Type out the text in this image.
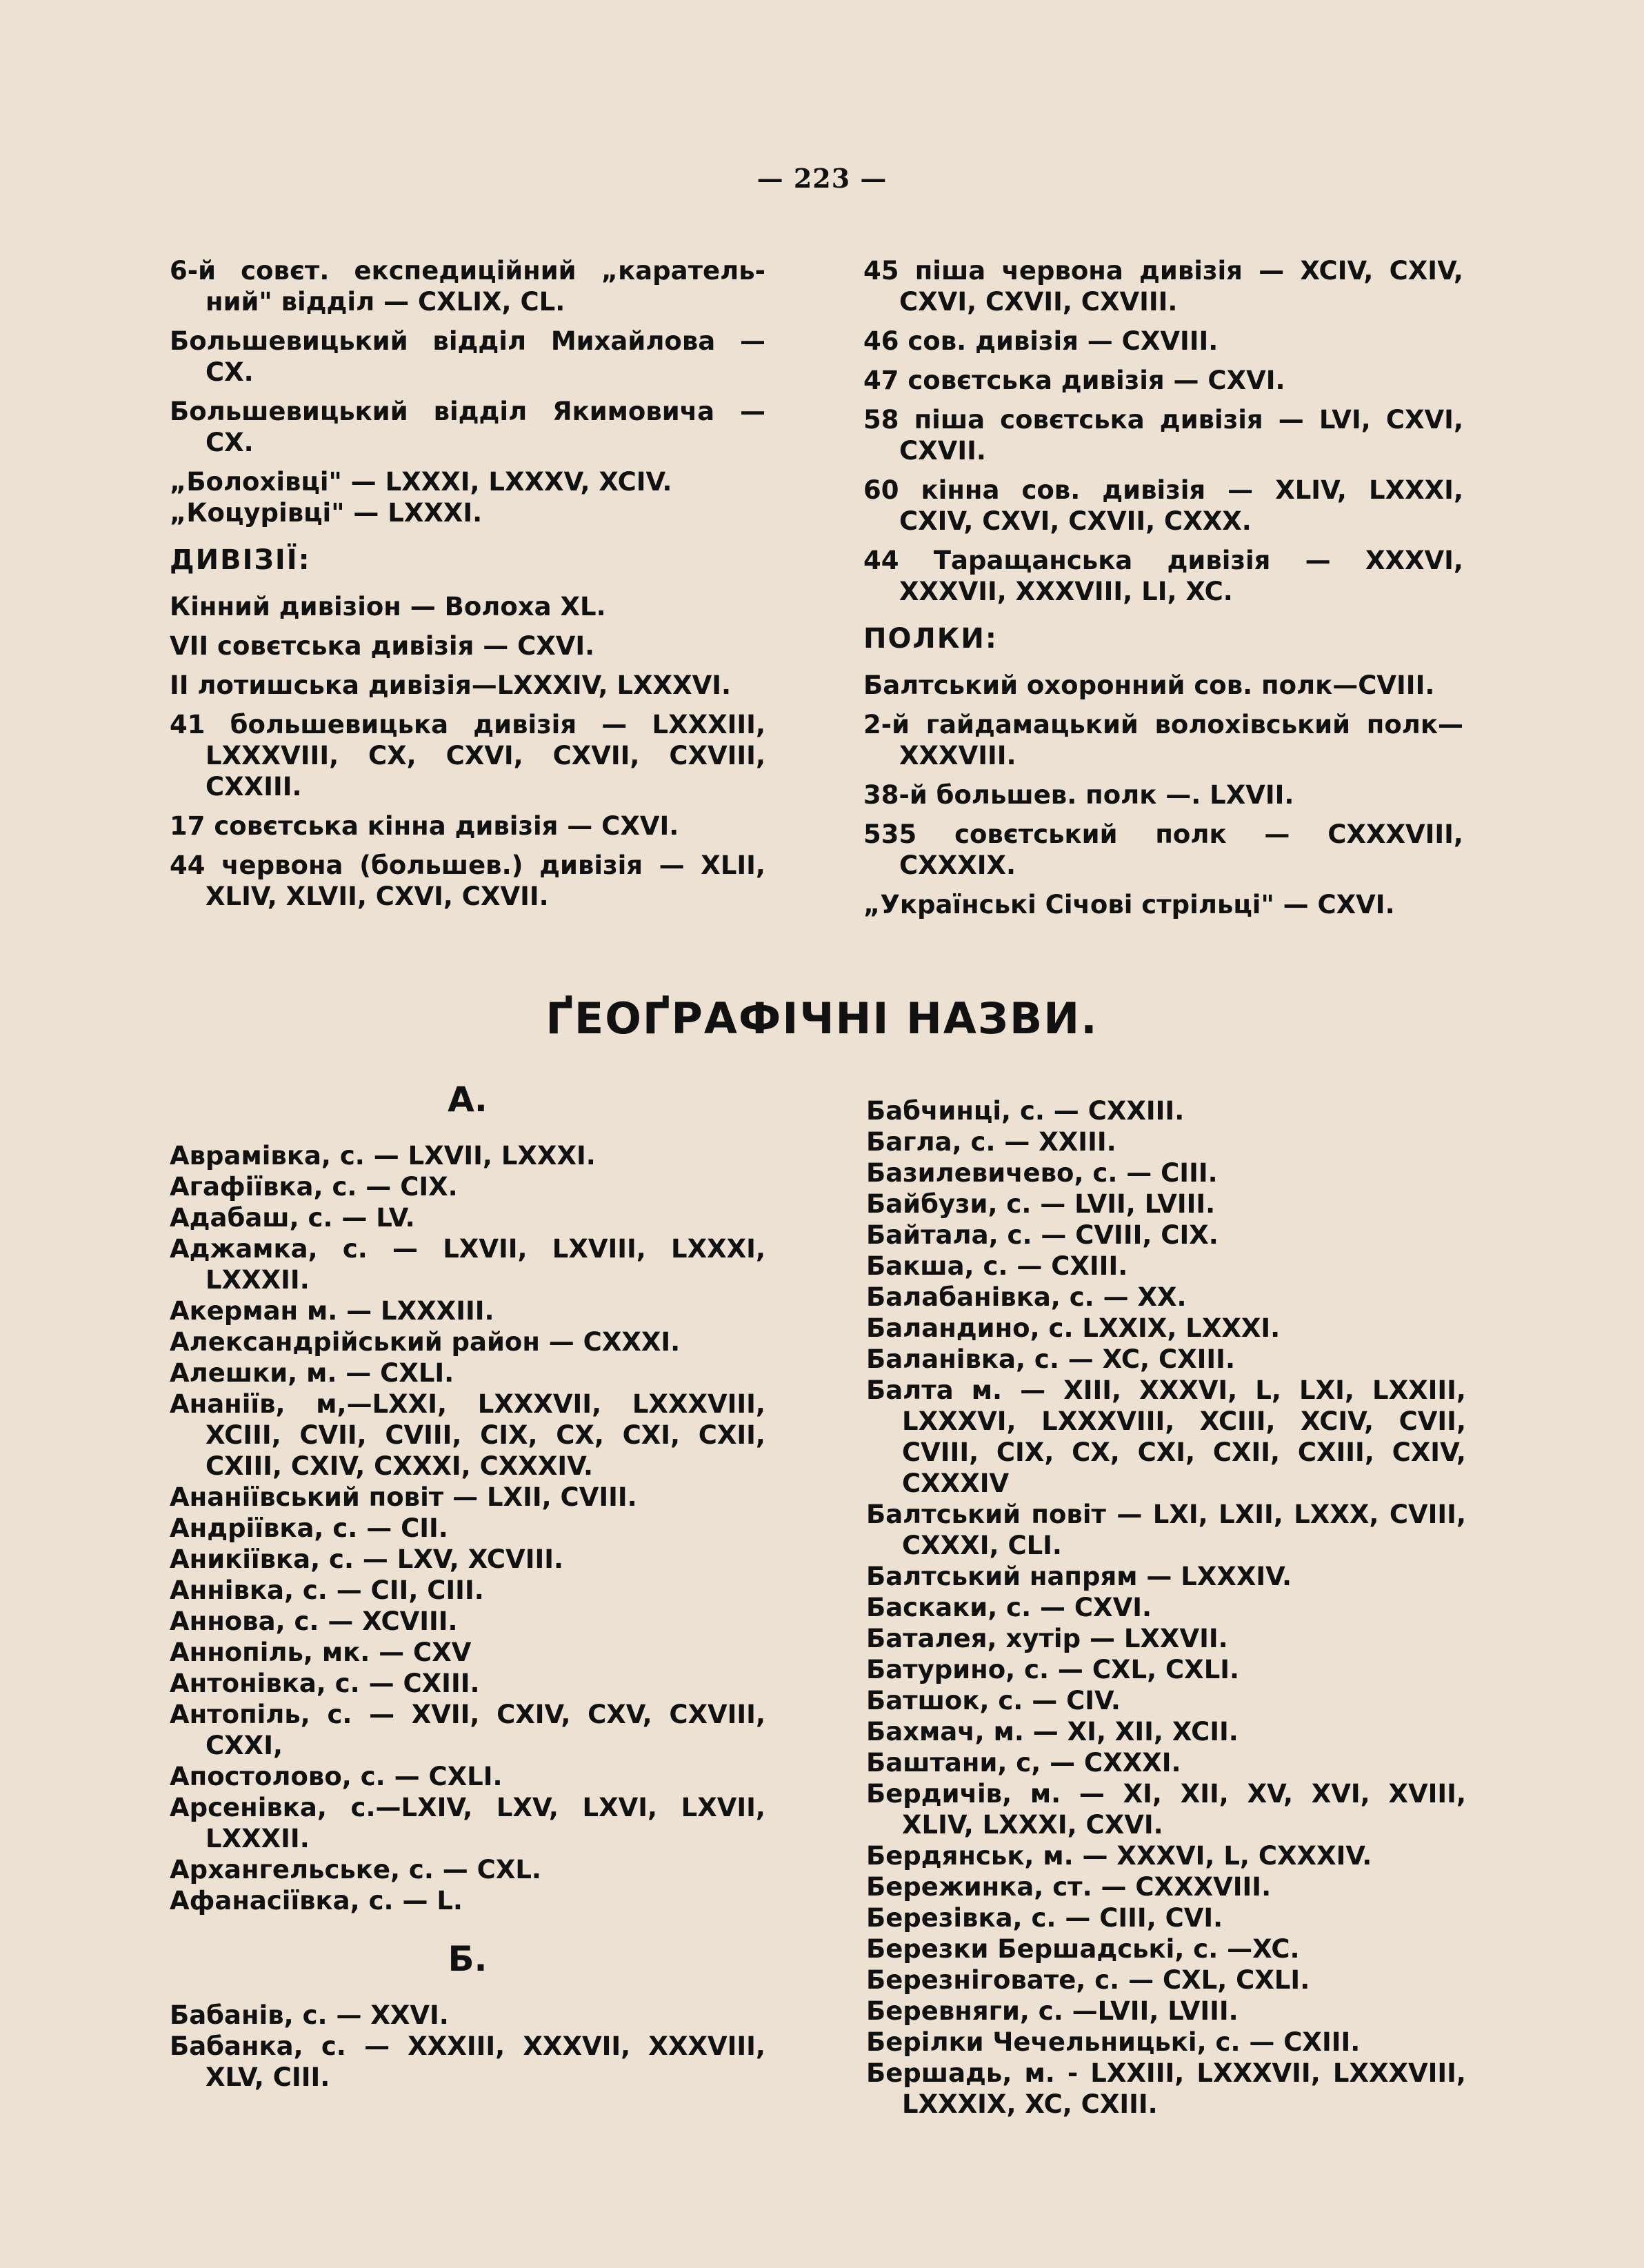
— 223 —

6-й совєт. експедиційний „каратель-ний" відділ — CXLIX, CL.

Большевицький відділ Михайлова — CX.

Большевицький відділ Якимовича — CX.

„Болохівці" — LXXXI, LXXXV, XCIV.

„Коцурівці" — LXXXI.

ДИВІЗІЇ:

Кінний дивізіон — Волоха XL.

VII совєтська дивізія — CXVI.

II лотишська дивізія—LXXXIV, LXXXVI.

41 большевицька дивізія — LXXXIII, LXXXVIII, CX, CXVI, CXVII, CXVIII, CXXIII.

17 совєтська кінна дивізія — CXVI.

44 червона (большев.) дивізія — XLII, XLIV, XLVII, CXVI, CXVII.

45 піша червона дивізія — XCIV, CXIV, CXVI, CXVII, CXVIII.

46 сов. дивізія — CXVIII.

47 совєтська дивізія — CXVI.

58 піша совєтська дивізія — LVI, CXVI, CXVII.

60 кінна сов. дивізія — XLIV, LXXXI, CXIV, CXVI, CXVII, CXXX.

44 Таращанська дивізія — XXXVI, XXXVII, XXXVIII, LI, XC.

ПОЛКИ:

Балтський охоронний сов. полк—CVIII.

2-й гайдамацький волохівський полк—XXXVIII.

38-й большев. полк —. LXVII.

535 совєтський полк — CXXXVIII, CXXXIX.

„Українські Січові стрільці" — CXVI.

ҐЕОҐРАФІЧНІ НАЗВИ.
А.

Аврамівка, с. — LXVII, LXXXI.

Агафіївка, с. — CIX.

Адабаш, с. — LV.

Аджамка, с. — LXVII, LXVIII, LXXXI, LXXXII.

Акерман м. — LXXXIII.

Александрійський район — CXXXI.

Алешки, м. — CXLI.

Ананіїв, м,—LXXI, LXXXVII, LXXXVIII, XCIII, CVII, CVIII, CIX, CX, CXI, CXII, CXIII, CXIV, CXXXI, CXXXIV.

Ананіївський повіт — LXII, CVIII.

Андріївка, с. — CII.

Аникіївка, с. — LXV, XCVIII.

Аннівка, с. — CII, CIII.

Аннова, с. — XCVIII.

Аннопіль, мк. — CXV

Антонівка, с. — CXIII.

Антопіль, с. — XVII, CXIV, CXV, CXVIII, CXXI,

Апостолово, с. — CXLI.

Арсенівка, с.—LXIV, LXV, LXVI, LXVII, LXXXII.

Архангельське, с. — CXL.

Афанасіївка, с. — L.

Б.

Бабанів, с. — XXVI.

Бабанка, с. — XXXIII, XXXVII, XXXVIII, XLV, CIII.

Бабчинці, с. — CXXIII.

Багла, с. — XXIII.

Базилевичево, с. — CIII.

Байбузи, с. — LVII, LVIII.

Байтала, с. — CVIII, CIX.

Бакша, с. — CXIII.

Балабанівка, с. — XX.

Баландино, с. LXXIX, LXXXI.

Баланівка, с. — XC, CXIII.

Балта м. — XIII, XXXVI, L, LXI, LXXIII, LXXXVI, LXXXVIII, XCIII, XCIV, CVII, CVIII, CIX, CX, CXI, CXII, CXIII, CXIV, CXXXIV

Балтський повіт — LXI, LXII, LXXX, CVIII, CXXXI, CLI.

Балтський напрям — LXXXIV.

Баскаки, с. — CXVI.

Баталея, хутір — LXXVII.

Батурино, с. — CXL, CXLI.

Батшок, с. — CIV.

Бахмач, м. — XI, XII, XCII.

Баштани, с, — CXXXI.

Бердичів, м. — XI, XII, XV, XVI, XVIII, XLIV, LXXXI, CXVI.

Бердянськ, м. — XXXVI, L, CXXXIV.

Бережинка, ст. — CXXXVIII.

Березівка, с. — CIII, CVI.

Березки Бершадські, с. —XC.

Березніговате, с. — CXL, CXLI.

Беревняги, с. —LVII, LVIII.

Берілки Чечельницькі, с. — CXIII.

Бершадь, м. - LXXIII, LXXXVII, LXXXVIII, LXXXIX, XC, CXIII.
